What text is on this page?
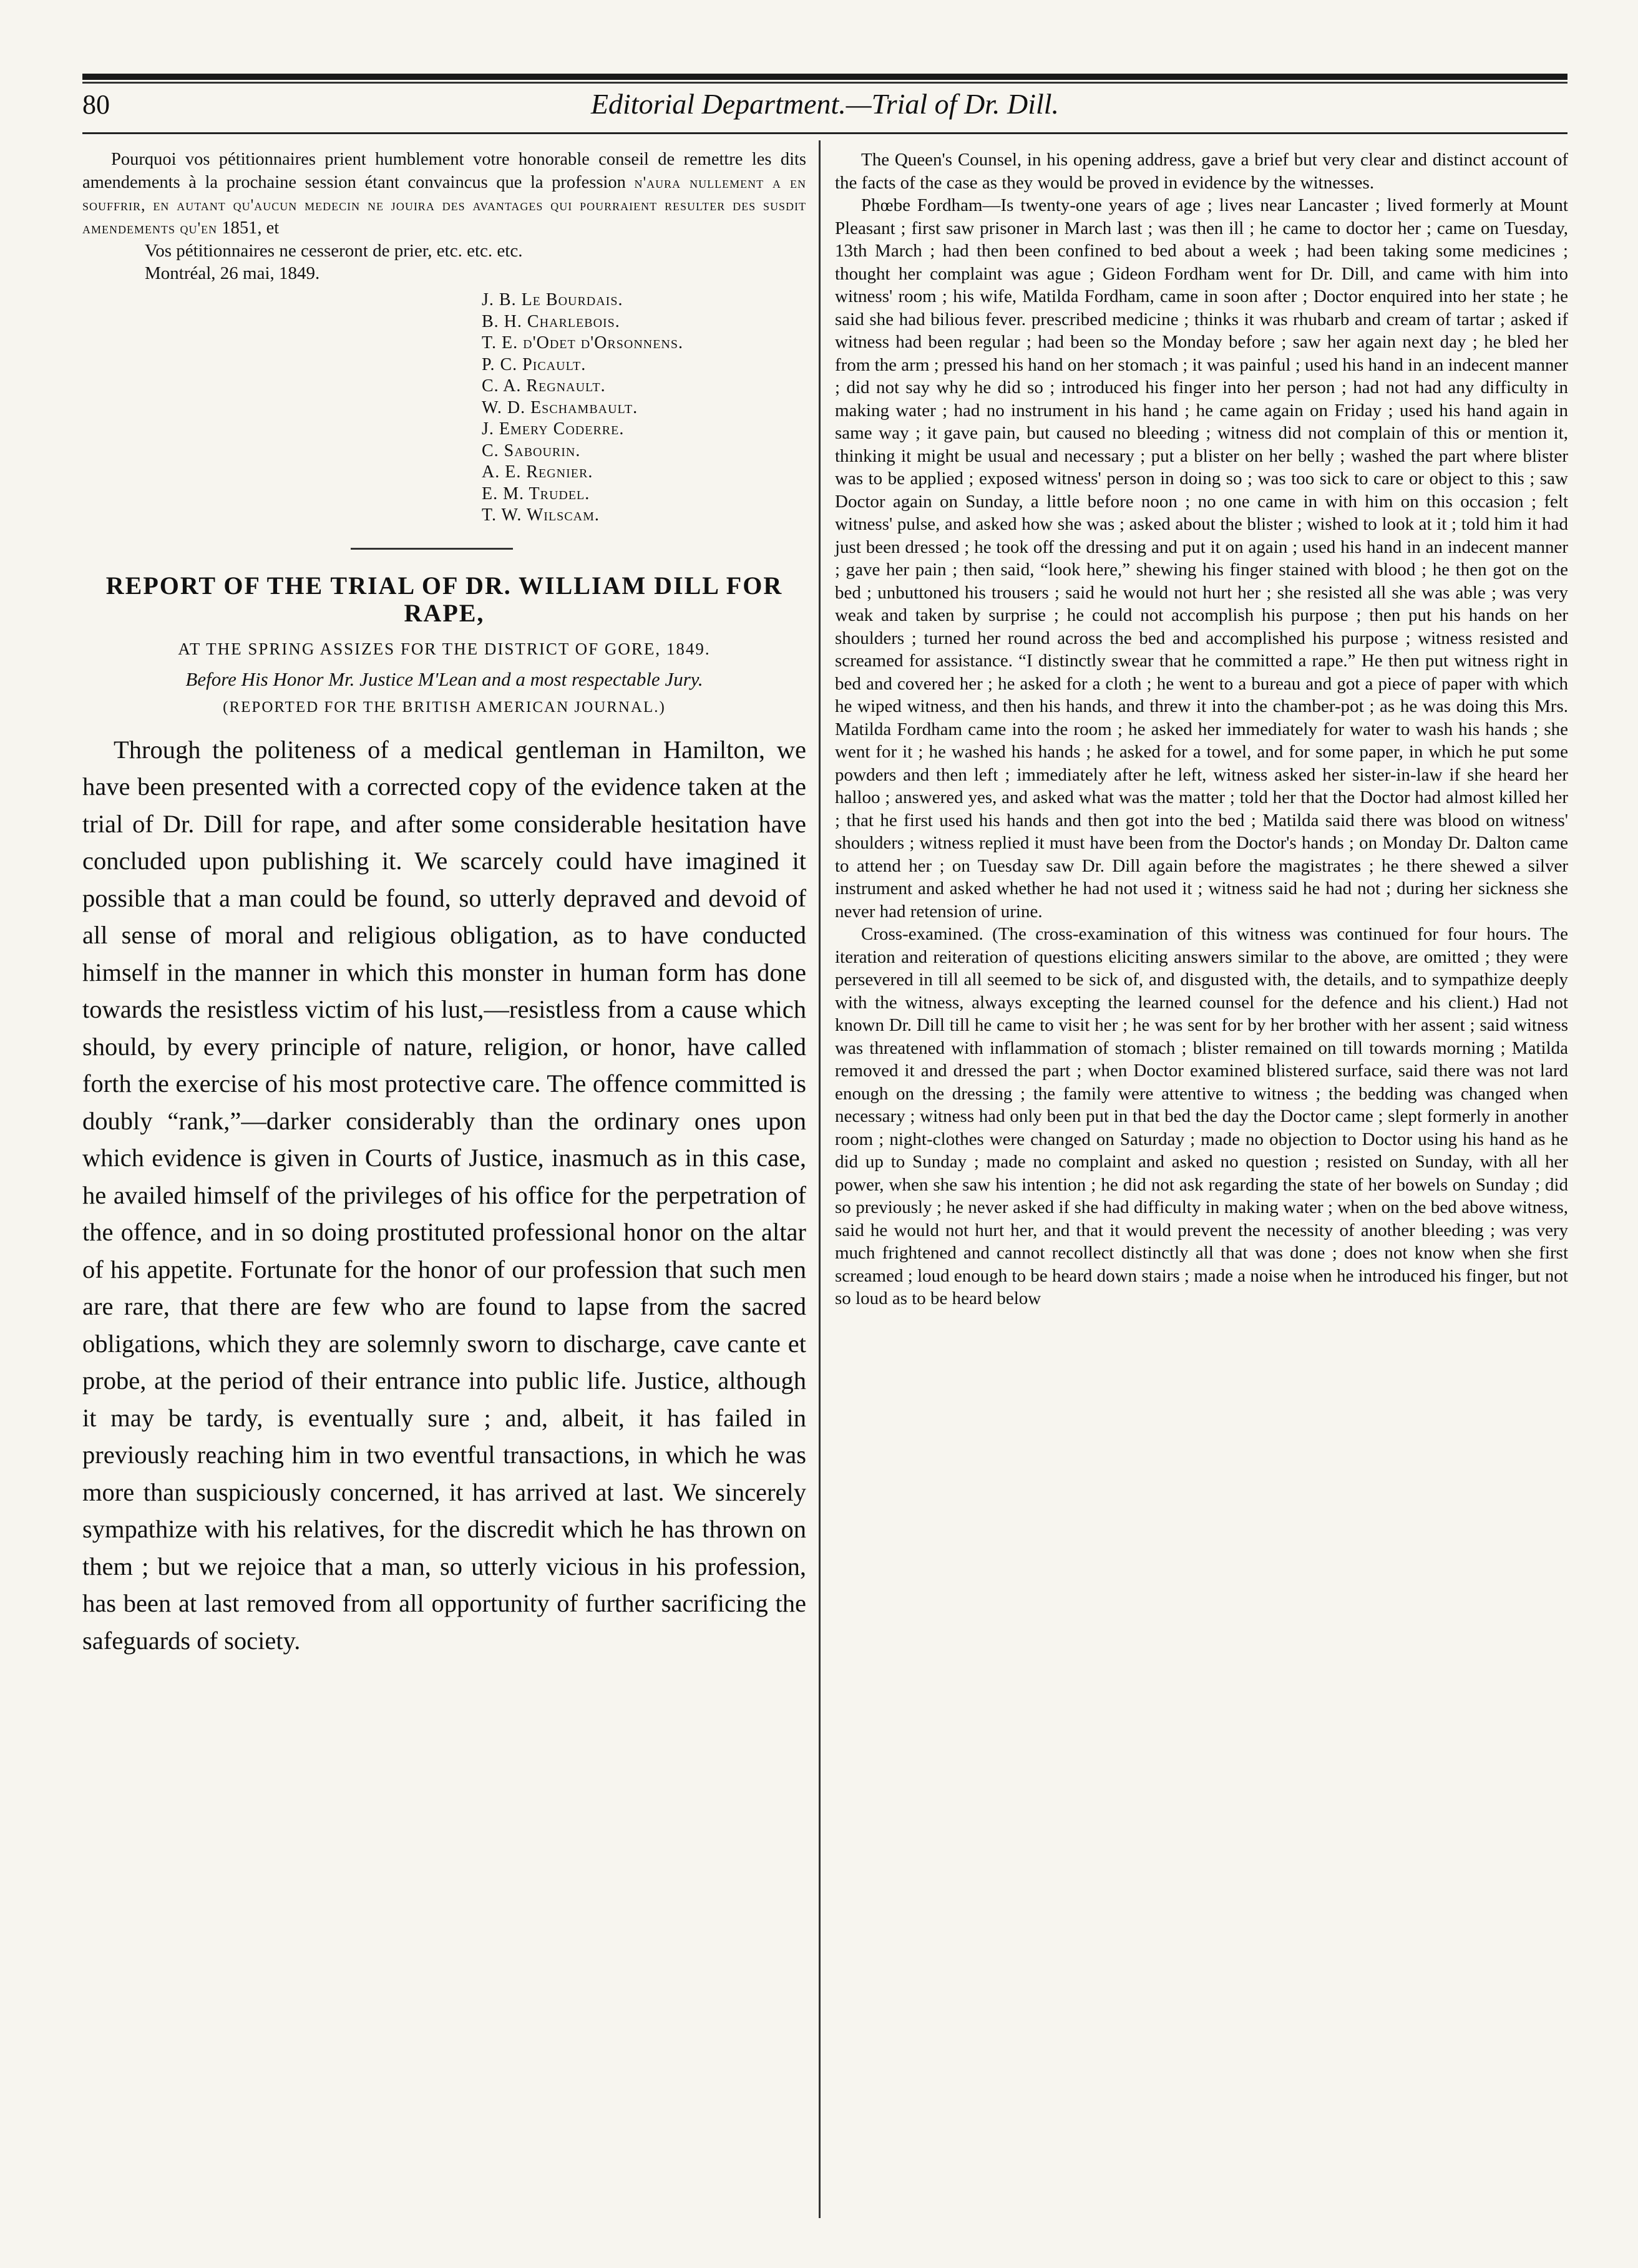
80	Editorial Department.—Trial of Dr. Dill.

Pourquoi vos pétitionnaires prient humblement votre honorable conseil de remettre les dits amendements à la prochaine session étant convaincus que la profession n'aura nullement a en souffrir, en autant qu'aucun medecin ne jouira des avantages qui pourraient resulter des susdit amendements qu'en 1851, et

Vos pétitionnaires ne cesseront de prier, etc. etc. etc.

Montréal, 26 mai, 1849.

J. B. Le Bourdais.
B. H. Charlebois.
T. E. d'Odet d'Orsonnens.
P. C. Picault.
C. A. Regnault.
W. D. Eschambault.
J. Emery Coderre.
C. Sabourin.
A. E. Regnier.
E. M. Trudel.
T. W. Wilscam.
REPORT OF THE TRIAL OF DR. WILLIAM DILL FOR RAPE,

AT THE SPRING ASSIZES FOR THE DISTRICT OF GORE, 1849.

Before His Honor Mr. Justice M'Lean and a most respectable Jury.

(REPORTED FOR THE BRITISH AMERICAN JOURNAL.)

Through the politeness of a medical gentleman in Hamilton, we have been presented with a corrected copy of the evidence taken at the trial of Dr. Dill for rape, and after some considerable hesitation have concluded upon publishing it. We scarcely could have imagined it possible that a man could be found, so utterly depraved and devoid of all sense of moral and religious obligation, as to have conducted himself in the manner in which this monster in human form has done towards the resistless victim of his lust,—resistless from a cause which should, by every principle of nature, religion, or honor, have called forth the exercise of his most protective care. The offence committed is doubly “rank,”—darker considerably than the ordinary ones upon which evidence is given in Courts of Justice, inasmuch as in this case, he availed himself of the privileges of his office for the perpetration of the offence, and in so doing prostituted professional honor on the altar of his appetite. Fortunate for the honor of our profession that such men are rare, that there are few who are found to lapse from the sacred obligations, which they are solemnly sworn to discharge, cave cante et probe, at the period of their entrance into public life. Justice, although it may be tardy, is eventually sure ; and, albeit, it has failed in previously reaching him in two eventful transactions, in which he was more than suspiciously concerned, it has arrived at last. We sincerely sympathize with his relatives, for the discredit which he has thrown on them ; but we rejoice that a man, so utterly vicious in his profession, has been at last removed from all opportunity of further sacrificing the safeguards of society.

The Queen's Counsel, in his opening address, gave a brief but very clear and distinct account of the facts of the case as they would be proved in evidence by the witnesses.

Phœbe Fordham—Is twenty-one years of age ; lives near Lancaster ; lived formerly at Mount Pleasant ; first saw prisoner in March last ; was then ill ; he came to doctor her ; came on Tuesday, 13th March ; had then been confined to bed about a week ; had been taking some medicines ; thought her complaint was ague ; Gideon Fordham went for Dr. Dill, and came with him into witness' room ; his wife, Matilda Fordham, came in soon after ; Doctor enquired into her state ; he said she had bilious fever. prescribed medicine ; thinks it was rhubarb and cream of tartar ; asked if witness had been regular ; had been so the Monday before ; saw her again next day ; he bled her from the arm ; pressed his hand on her stomach ; it was painful ; used his hand in an indecent manner ; did not say why he did so ; introduced his finger into her person ; had not had any difficulty in making water ; had no instrument in his hand ; he came again on Friday ; used his hand again in same way ; it gave pain, but caused no bleeding ; witness did not complain of this or mention it, thinking it might be usual and necessary ; put a blister on her belly ; washed the part where blister was to be applied ; exposed witness' person in doing so ; was too sick to care or object to this ; saw Doctor again on Sunday, a little before noon ; no one came in with him on this occasion ; felt witness' pulse, and asked how she was ; asked about the blister ; wished to look at it ; told him it had just been dressed ; he took off the dressing and put it on again ; used his hand in an indecent manner ; gave her pain ; then said, “look here,” shewing his finger stained with blood ; he then got on the bed ; unbuttoned his trousers ; said he would not hurt her ; she resisted all she was able ; was very weak and taken by surprise ; he could not accomplish his purpose ; then put his hands on her shoulders ; turned her round across the bed and accomplished his purpose ; witness resisted and screamed for assistance. “I distinctly swear that he committed a rape.” He then put witness right in bed and covered her ; he asked for a cloth ; he went to a bureau and got a piece of paper with which he wiped witness, and then his hands, and threw it into the chamber-pot ; as he was doing this Mrs. Matilda Fordham came into the room ; he asked her immediately for water to wash his hands ; she went for it ; he washed his hands ; he asked for a towel, and for some paper, in which he put some powders and then left ; immediately after he left, witness asked her sister-in-law if she heard her halloo ; answered yes, and asked what was the matter ; told her that the Doctor had almost killed her ; that he first used his hands and then got into the bed ; Matilda said there was blood on witness' shoulders ; witness replied it must have been from the Doctor's hands ; on Monday Dr. Dalton came to attend her ; on Tuesday saw Dr. Dill again before the magistrates ; he there shewed a silver instrument and asked whether he had not used it ; witness said he had not ; during her sickness she never had retension of urine.

Cross-examined. (The cross-examination of this witness was continued for four hours. The iteration and reiteration of questions eliciting answers similar to the above, are omitted ; they were persevered in till all seemed to be sick of, and disgusted with, the details, and to sympathize deeply with the witness, always excepting the learned counsel for the defence and his client.) Had not known Dr. Dill till he came to visit her ; he was sent for by her brother with her assent ; said witness was threatened with inflammation of stomach ; blister remained on till towards morning ; Matilda removed it and dressed the part ; when Doctor examined blistered surface, said there was not lard enough on the dressing ; the family were attentive to witness ; the bedding was changed when necessary ; witness had only been put in that bed the day the Doctor came ; slept formerly in another room ; night-clothes were changed on Saturday ; made no objection to Doctor using his hand as he did up to Sunday ; made no complaint and asked no question ; resisted on Sunday, with all her power, when she saw his intention ; he did not ask regarding the state of her bowels on Sunday ; did so previously ; he never asked if she had difficulty in making water ; when on the bed above witness, said he would not hurt her, and that it would prevent the necessity of another bleeding ; was very much frightened and cannot recollect distinctly all that was done ; does not know when she first screamed ; loud enough to be heard down stairs ; made a noise when he introduced his finger, but not so loud as to be heard below
